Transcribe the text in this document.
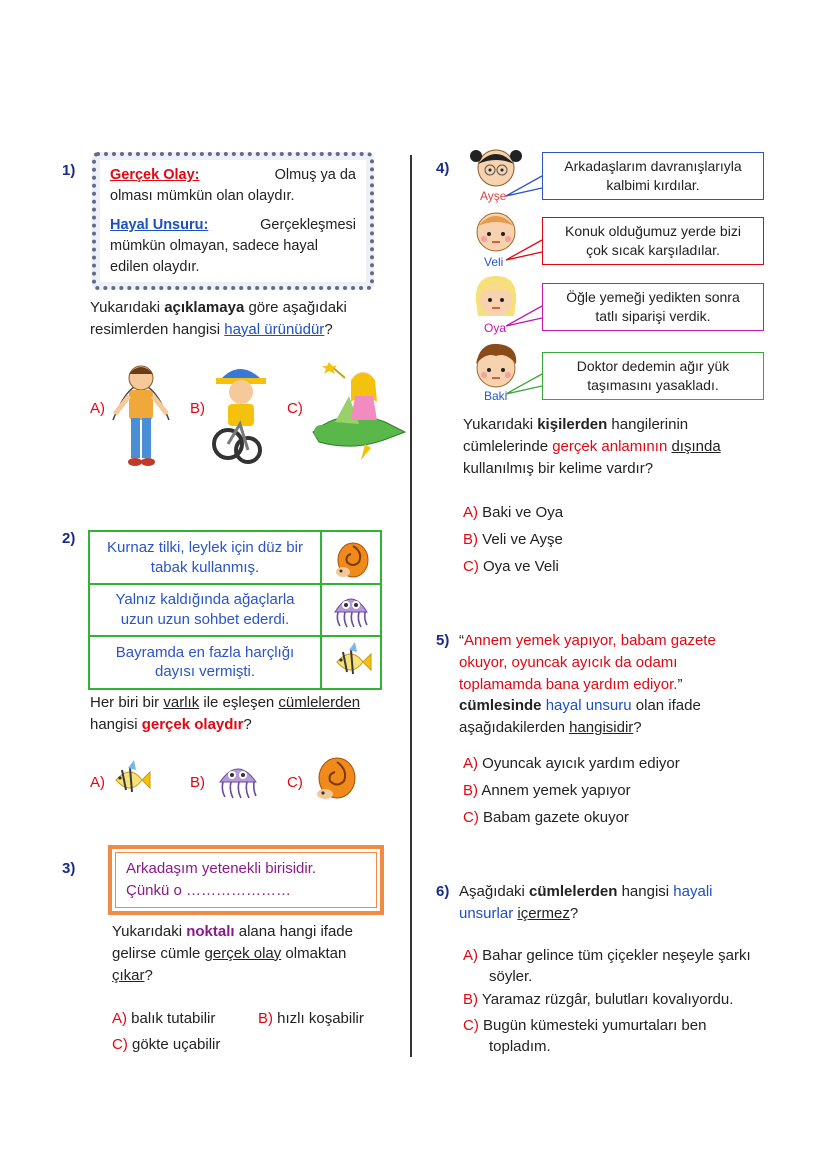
1) Gerçek Olay:	Olmuş ya da
olması mümkün olan olaydır.
Hayal Unsuru:	Gerçekleşmesi
mümkün olmayan, sadece hayal
edilen olaydır.
Yukarıdaki açıklamaya göre aşağıdaki
resimlerden hangisi hayal ürünüdür?
A)	B)	C)
2)
Kurnaz tilki, leylek için düz bir
tabak kullanmış.	

Yalnız kaldığında ağaçlarla
uzun uzun sohbet ederdi.	

Bayramda en fazla harçlığı
dayısı vermişti.	
Her biri bir varlık ile eşleşen cümlelerden
hangisi gerçek olaydır?
A)	B)	C)
3)	Arkadaşım yetenekli birisidir.
Çünkü o …………………
Yukarıdaki noktalı alana hangi ifade
gelirse cümle gerçek olay olmaktan
çıkar?
A) balık tutabilir	B) hızlı koşabilir
C) gökte uçabilir
4)
Ayşe
Arkadaşlarım davranışlarıyla
kalbimi kırdılar.
Veli
Konuk olduğumuz yerde bizi
çok sıcak karşıladılar.
Oya
Öğle yemeği yedikten sonra
tatlı siparişi verdik.
Baki
Doktor dedemin ağır yük
taşımasını yasakladı.
Yukarıdaki kişilerden hangilerinin
cümlelerinde gerçek anlamının dışında
kullanılmış bir kelime vardır?
A) Baki ve Oya
B) Veli ve Ayşe
C) Oya ve Veli
5) “Annem yemek yapıyor, babam gazete
okuyor, oyuncak ayıcık da odamı
toplamamda bana yardım ediyor.”
cümlesinde hayal unsuru olan ifade
aşağıdakilerden hangisidir?
A) Oyuncak ayıcık yardım ediyor
B) Annem yemek yapıyor
C) Babam gazete okuyor
6) Aşağıdaki cümlelerden hangisi hayali
unsurlar içermez?
A) Bahar gelince tüm çiçekler neşeyle şarkı
söyler.
B) Yaramaz rüzgâr, bulutları kovalıyordu.
C) Bugün kümesteki yumurtaları ben
topladım.
